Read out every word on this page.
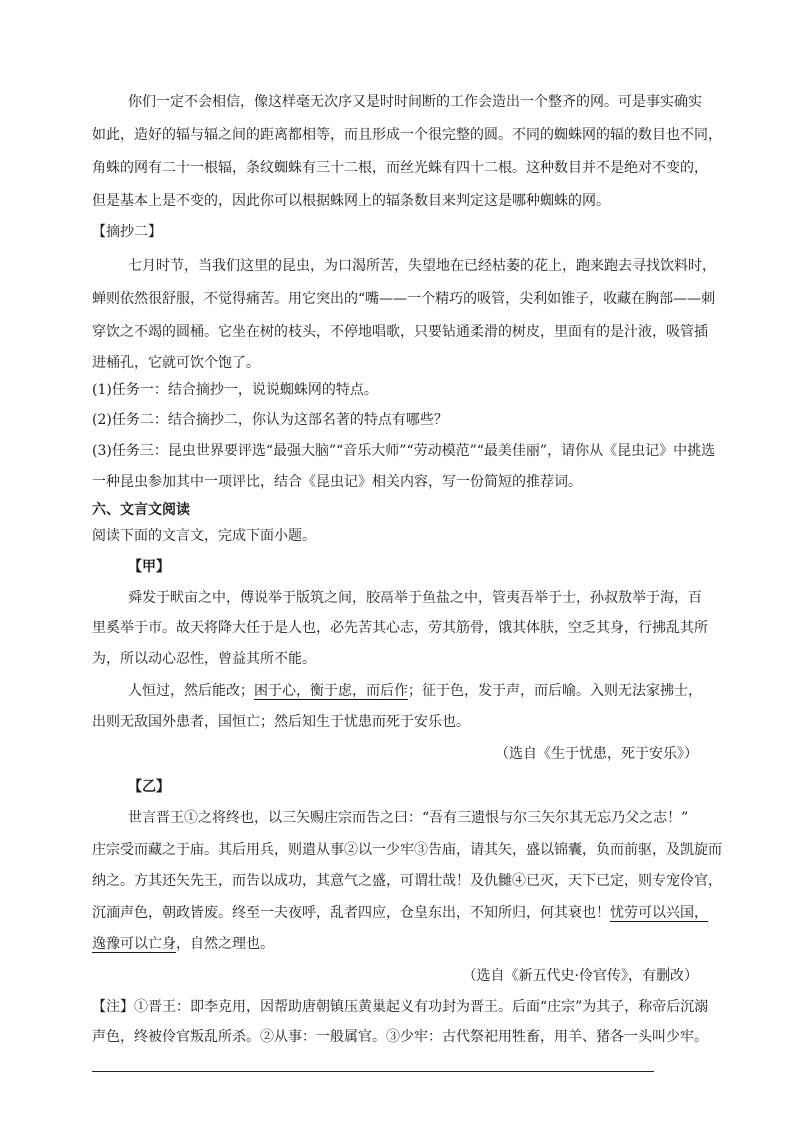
你们一定不会相信，像这样毫无次序又是时时间断的工作会造出一个整齐的网。可是事实确实
如此，造好的辐与辐之间的距离都相等，而且形成一个很完整的圆。不同的蜘蛛网的辐的数目也不同，
角蛛的网有二十一根辐，条纹蜘蛛有三十二根，而丝光蛛有四十二根。这种数目并不是绝对不变的，
但是基本上是不变的，因此你可以根据蛛网上的辐条数目来判定这是哪种蜘蛛的网。
【摘抄二】
七月时节，当我们这里的昆虫，为口渴所苦，失望地在已经枯萎的花上，跑来跑去寻找饮料时，
蝉则依然很舒服，不觉得痛苦。用它突出的“嘴——一个精巧的吸管，尖利如锥子，收藏在胸部——刺
穿饮之不竭的圆桶。它坐在树的枝头，不停地唱歌，只要钻通柔滑的树皮，里面有的是汁液，吸管插
进桶孔，它就可饮个饱了。
(1)任务一：结合摘抄一，说说蜘蛛网的特点。
(2)任务二：结合摘抄二，你认为这部名著的特点有哪些？
(3)任务三：昆虫世界要评选“最强大脑”“音乐大师”“劳动模范”“最美佳丽”，请你从《昆虫记》中挑选
一种昆虫参加其中一项评比，结合《昆虫记》相关内容，写一份简短的推荐词。
六、文言文阅读
阅读下面的文言文，完成下面小题。
【甲】
舜发于畎亩之中，傅说举于版筑之间，胶鬲举于鱼盐之中，管夷吾举于士，孙叔敖举于海，百
里奚举于市。故天将降大任于是人也，必先苦其心志，劳其筋骨，饿其体肤，空乏其身，行拂乱其所
为，所以动心忍性，曾益其所不能。
人恒过，然后能改；困于心，衡于虑，而后作；征于色，发于声，而后喻。入则无法家拂士，
出则无敌国外患者，国恒亡；然后知生于忧患而死于安乐也。
（选自《生于忧患，死于安乐》）
【乙】
世言晋王①之将终也，以三矢赐庄宗而告之曰：“吾有三遗恨与尔三矢尔其无忘乃父之志！”
庄宗受而藏之于庙。其后用兵，则遣从事②以一少牢③告庙，请其矢，盛以锦囊，负而前驱，及凯旋而
纳之。方其还矢先王，而告以成功，其意气之盛，可谓壮哉！及仇雠④已灭，天下已定，则专宠伶官，
沉湎声色，朝政皆废。终至一夫夜呼，乱者四应，仓皇东出，不知所归，何其衰也！忧劳可以兴国，
逸豫可以亡身，自然之理也。
（选自《新五代史·伶官传》，有删改）
【注】①晋王：即李克用，因帮助唐朝镇压黄巢起义有功封为晋王。后面“庄宗”为其子，称帝后沉溺
声色，终被伶官叛乱所杀。②从事：一般属官。③少牢：古代祭祀用牲畜，用羊、猪各一头叫少牢。
